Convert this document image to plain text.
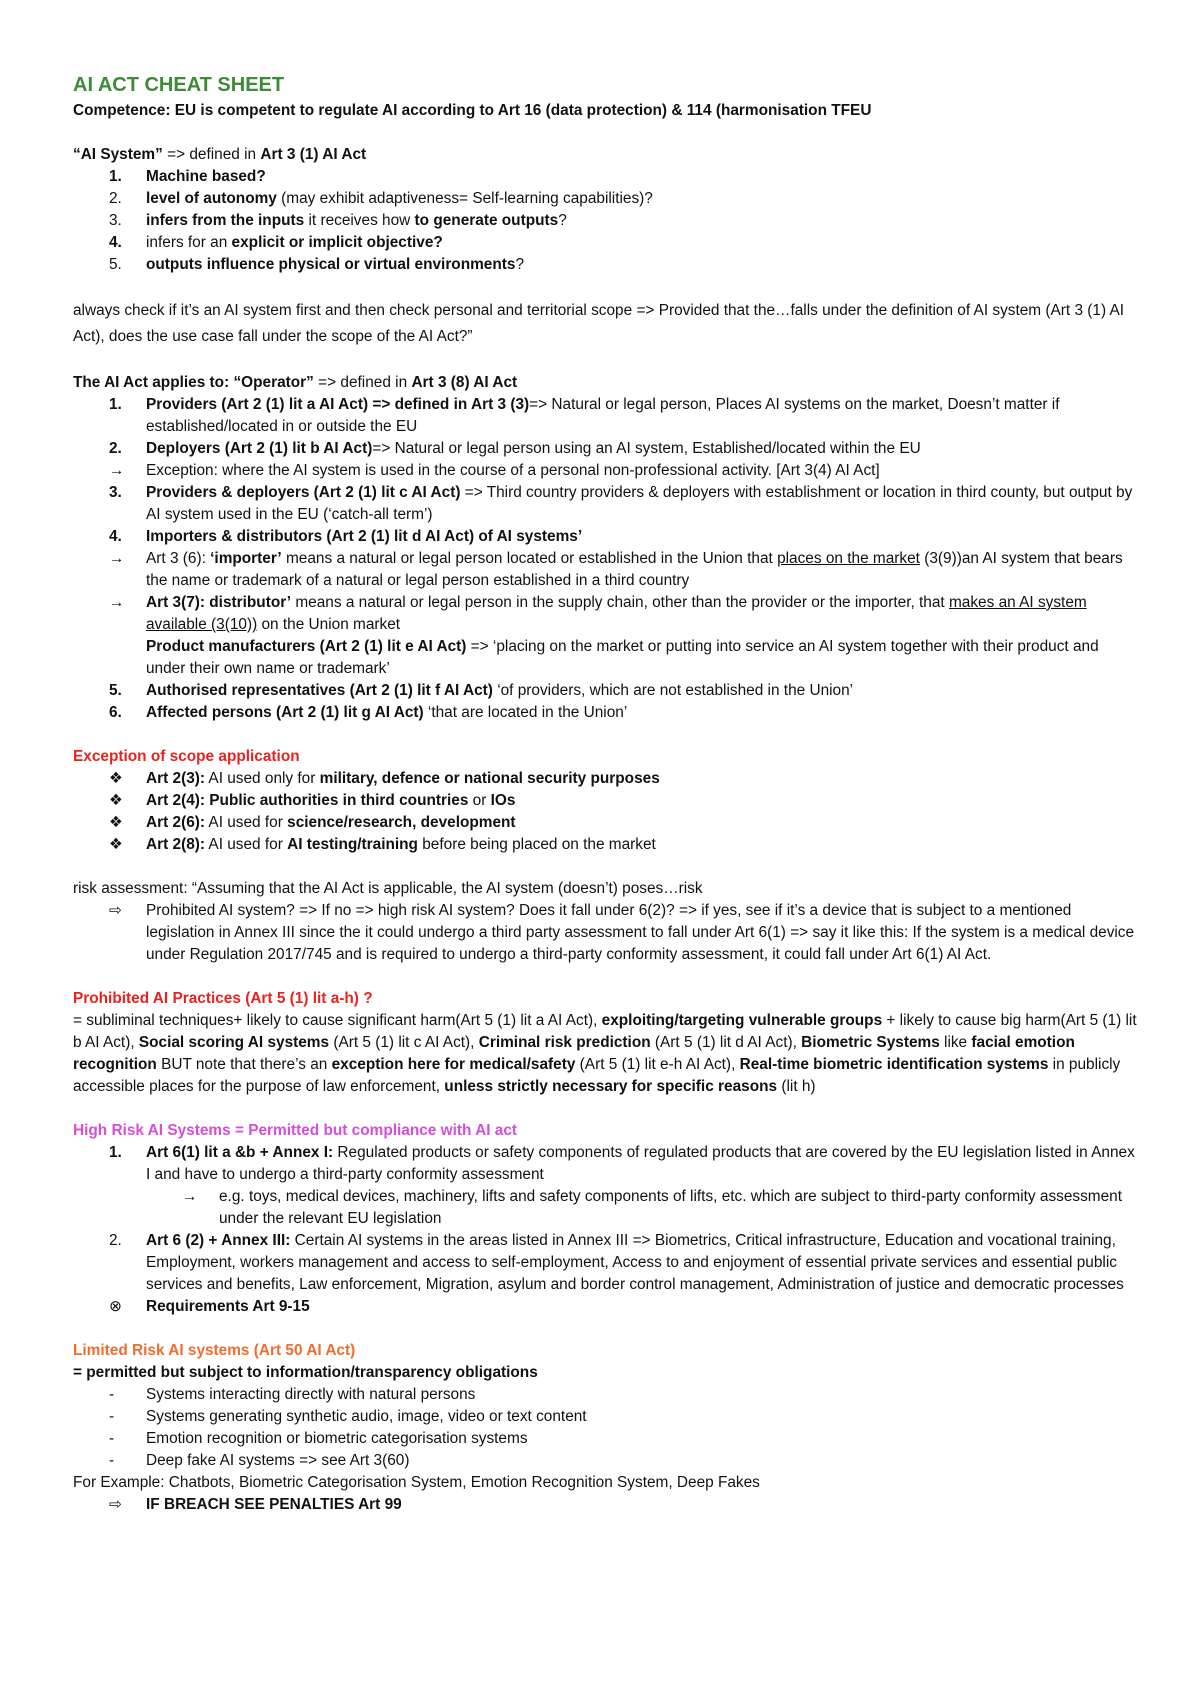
AI ACT CHEAT SHEET

Competence: EU is competent to regulate AI according to Art 16 (data protection) & 114 (harmonisation TFEU

“AI System” => defined in Art 3 (1) AI Act

1.	Machine based?
2.	level of autonomy (may exhibit adaptiveness= Self-learning capabilities)?
3.	infers from the inputs it receives how to generate outputs?
4.	infers for an explicit or implicit objective?
5.	outputs influence physical or virtual environments?

always check if it’s an AI system first and then check personal and territorial scope => Provided that the…falls under the definition of AI system (Art 3 (1) AI Act), does the use case fall under the scope of the AI Act?”

The AI Act applies to: “Operator” => defined in Art 3 (8) AI Act

1.	Providers (Art 2 (1) lit a AI Act) => defined in Art 3 (3)=> Natural or legal person, Places AI systems on the market, Doesn’t matter if established/located in or outside the EU
2.	Deployers (Art 2 (1) lit b AI Act)=> Natural or legal person using an AI system, Established/located within the EU
→	Exception: where the AI system is used in the course of a personal non-professional activity. [Art 3(4) AI Act]
3.	Providers & deployers (Art 2 (1) lit c AI Act) => Third country providers & deployers with establishment or location in third county, but output by AI system used in the EU (‘catch-all term’)
4.	Importers & distributors (Art 2 (1) lit d AI Act) of AI systems’
→	Art 3 (6): ‘importer’ means a natural or legal person located or established in the Union that places on the market (3(9))an AI system that bears the name or trademark of a natural or legal person established in a third country
→	Art 3(7): distributor’ means a natural or legal person in the supply chain, other than the provider or the importer, that makes an AI system available (3(10)) on the Union market
Product manufacturers (Art 2 (1) lit e AI Act) => ‘placing on the market or putting into service an AI system together with their product and under their own name or trademark’
5.	Authorised representatives (Art 2 (1) lit f AI Act) ‘of providers, which are not established in the Union’
6.	Affected persons (Art 2 (1) lit g AI Act) ‘that are located in the Union’

Exception of scope application

❖	Art 2(3): AI used only for military, defence or national security purposes
❖	Art 2(4): Public authorities in third countries or IOs
❖	Art 2(6): AI used for science/research, development
❖	Art 2(8): AI used for AI testing/training before being placed on the market

risk assessment: “Assuming that the AI Act is applicable, the AI system (doesn’t) poses…risk

⇨	Prohibited AI system? => If no => high risk AI system? Does it fall under 6(2)? => if yes, see if it’s a device that is subject to a mentioned legislation in Annex III since the it could undergo a third party assessment to fall under Art 6(1) => say it like this: If the system is a medical device under Regulation 2017/745 and is required to undergo a third-party conformity assessment, it could fall under Art 6(1) AI Act.

Prohibited AI Practices (Art 5 (1) lit a-h) ?

= subliminal techniques+ likely to cause significant harm(Art 5 (1) lit a AI Act), exploiting/targeting vulnerable groups + likely to cause big harm(Art 5 (1) lit b AI Act), Social scoring AI systems (Art 5 (1) lit c AI Act), Criminal risk prediction (Art 5 (1) lit d AI Act), Biometric Systems like facial emotion recognition BUT note that there’s an exception here for medical/safety (Art 5 (1) lit e-h AI Act), Real-time biometric identification systems in publicly accessible places for the purpose of law enforcement, unless strictly necessary for specific reasons (lit h)

High Risk AI Systems = Permitted but compliance with AI act

1.	Art 6(1) lit a &b + Annex I: Regulated products or safety components of regulated products that are covered by the EU legislation listed in Annex I and have to undergo a third-party conformity assessment
→	e.g. toys, medical devices, machinery, lifts and safety components of lifts, etc. which are subject to third-party conformity assessment under the relevant EU legislation
2.	Art 6 (2) + Annex III: Certain AI systems in the areas listed in Annex III => Biometrics, Critical infrastructure, Education and vocational training, Employment, workers management and access to self-employment, Access to and enjoyment of essential private services and essential public services and benefits, Law enforcement, Migration, asylum and border control management, Administration of justice and democratic processes
⊗	Requirements Art 9-15

Limited Risk AI systems (Art 50 AI Act)

= permitted but subject to information/transparency obligations

-	Systems interacting directly with natural persons
-	Systems generating synthetic audio, image, video or text content
-	Emotion recognition or biometric categorisation systems
-	Deep fake AI systems => see Art 3(60)

For Example: Chatbots, Biometric Categorisation System, Emotion Recognition System, Deep Fakes

⇨	IF BREACH SEE PENALTIES Art 99
